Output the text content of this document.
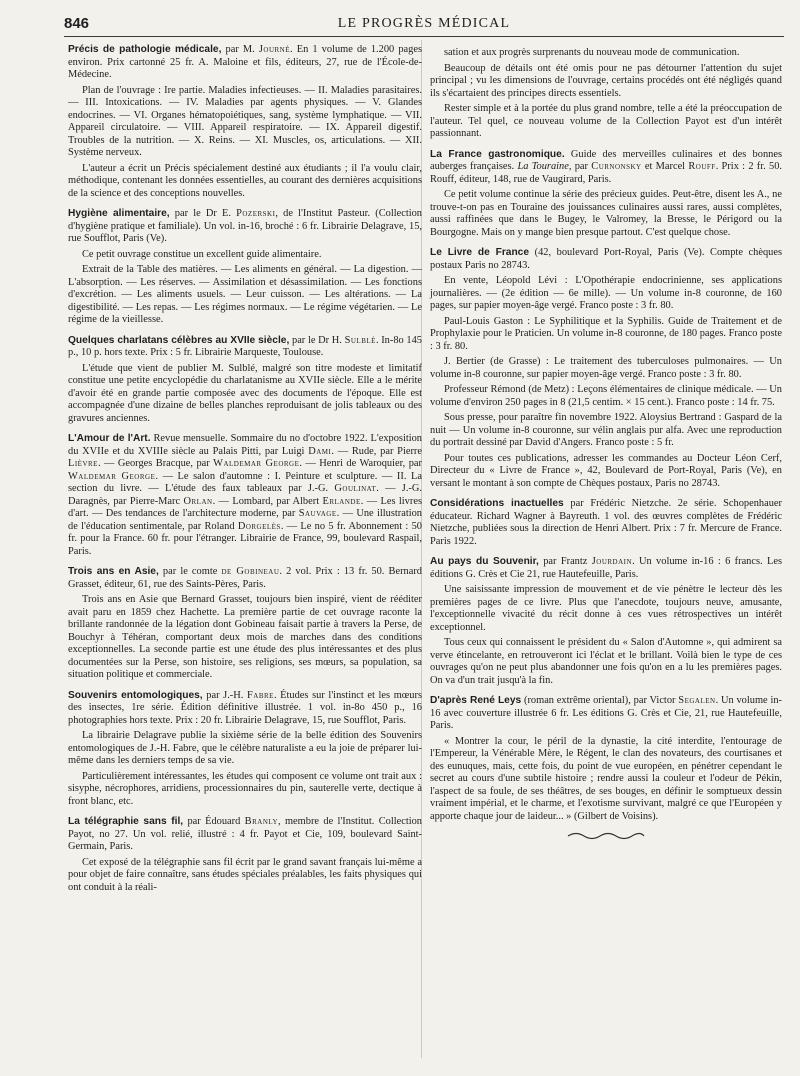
846	LE PROGRÈS MÉDICAL

Précis de pathologie médicale, par M. Journé. En 1 volume de 1.200 pages environ. Prix cartonné 25 fr. A. Maloine et fils, éditeurs, 27, rue de l'École-de-Médecine.

Plan de l'ouvrage : Ire partie. Maladies infectieuses. — II. Maladies parasitaires. — III. Intoxications. — IV. Maladies par agents physiques. — V. Glandes endocrines. — VI. Organes hématopoiétiques, sang, système lymphatique. — VII. Appareil circulatoire. — VIII. Appareil respiratoire. — IX. Appareil digestif. Troubles de la nutrition. — X. Reins. — XI. Muscles, os, articulations. — XII. Système nerveux.

L'auteur a écrit un Précis spécialement destiné aux étudiants ; il l'a voulu clair, méthodique, contenant les données essentielles, au courant des dernières acquisitions de la science et des conceptions nouvelles.

Hygiène alimentaire, par le Dr E. Pozerski, de l'Institut Pasteur. (Collection d'hygiène pratique et familiale). Un vol. in-16, broché : 6 fr. Librairie Delagrave, 15, rue Soufflot, Paris (Ve).

Ce petit ouvrage constitue un excellent guide alimentaire.

Extrait de la Table des matières. — Les aliments en général. — La digestion. — L'absorption. — Les réserves. — Assimilation et désassimilation. — Les fonctions d'excrétion. — Les aliments usuels. — Leur cuisson. — Les altérations. — La digestibilité. — Les repas. — Les régimes normaux. — Le régime végétarien. — Le régime de la vieillesse.

Quelques charlatans célèbres au XVIIe siècle, par le Dr H. Sulblé. In-8o 145 p., 10 p. hors texte. Prix : 5 fr. Librairie Marqueste, Toulouse.

L'étude que vient de publier M. Sulblé, malgré son titre modeste et limitatif constitue une petite encyclopédie du charlatanisme au XVIIe siècle. Elle a le mérite d'avoir été en grande partie composée avec des documents de l'époque. Elle est accompagnée d'une dizaine de belles planches reproduisant de jolis tableaux ou des gravures anciennes.

L'Amour de l'Art. Revue mensuelle. Sommaire du no d'octobre 1922. L'exposition du XVIIe et du XVIIIe siècle au Palais Pitti, par Luigi Dami. — Rude, par Pierre Lièvre. — Georges Bracque, par Waldemar George. — Henri de Waroquier, par Waldemar George. — Le salon d'automne : I. Peinture et sculpture. — II. La section du livre. — L'étude des faux tableaux par J.-G. Goulinat. — J.-G. Daragnès, par Pierre-Marc Orlan. — Lombard, par Albert Erlande. — Les livres d'art. — Des tendances de l'architecture moderne, par Sauvage. — Une illustration de l'éducation sentimentale, par Roland Dorgelès. — Le no 5 fr. Abonnement : 50 fr. pour la France. 60 fr. pour l'étranger. Librairie de France, 99, boulevard Raspail, Paris.

Trois ans en Asie, par le comte de Gobineau. 2 vol. Prix : 13 fr. 50. Bernard Grasset, éditeur, 61, rue des Saints-Pères, Paris.

Trois ans en Asie que Bernard Grasset, toujours bien inspiré, vient de rééditer avait paru en 1859 chez Hachette. La première partie de cet ouvrage raconte la brillante randonnée de la légation dont Gobineau faisait partie à travers la Perse, de Bouchyr à Téhéran, comportant deux mois de marches dans des conditions exceptionnelles. La seconde partie est une étude des plus intéressantes et des plus documentées sur la Perse, son histoire, ses religions, ses mœurs, sa population, sa situation politique et commerciale.

Souvenirs entomologiques, par J.-H. Fabre. Études sur l'instinct et les mœurs des insectes, 1re série. Édition définitive illustrée. 1 vol. in-8o 450 p., 16 photographies hors texte. Prix : 20 fr. Librairie Delagrave, 15, rue Soufflot, Paris.

La librairie Delagrave publie la sixième série de la belle édition des Souvenirs entomologiques de J.-H. Fabre, que le célèbre naturaliste a eu la joie de préparer lui-même dans les derniers temps de sa vie.

Particulièrement intéressantes, les études qui composent ce volume ont trait aux : sisyphe, nécrophores, arridiens, processionnaires du pin, sauterelle verte, dectique à front blanc, etc.

La télégraphie sans fil, par Édouard Branly, membre de l'Institut. Collection Payot, no 27. Un vol. relié, illustré : 4 fr. Payot et Cie, 109, boulevard Saint-Germain, Paris.

Cet exposé de la télégraphie sans fil écrit par le grand savant français lui-même a pour objet de faire connaître, sans études spéciales préalables, les faits physiques qui ont conduit à la réali-

sation et aux progrès surprenants du nouveau mode de communication.

Beaucoup de détails ont été omis pour ne pas détourner l'attention du sujet principal ; vu les dimensions de l'ouvrage, certains procédés ont été négligés quand ils s'écartaient des principes directs essentiels.

Rester simple et à la portée du plus grand nombre, telle a été la préoccupation de l'auteur. Tel quel, ce nouveau volume de la Collection Payot est d'un intérêt passionnant.

La France gastronomique. Guide des merveilles culinaires et des bonnes auberges françaises. La Touraine, par Curnonsky et Marcel Rouff. Prix : 2 fr. 50. Rouff, éditeur, 148, rue de Vaugirard, Paris.

Ce petit volume continue la série des précieux guides. Peut-être, disent les A., ne trouve-t-on pas en Touraine des jouissances culinaires aussi rares, aussi complètes, aussi raffinées que dans le Bugey, le Valromey, la Bresse, le Périgord ou la Bourgogne. Mais on y mange bien presque partout. C'est quelque chose.

Le Livre de France (42, boulevard Port-Royal, Paris (Ve). Compte chèques postaux Paris no 28743.

En vente, Léopold Lévi : L'Opothérapie endocrinienne, ses applications journalières. — (2e édition — 6e mille). — Un volume in-8 couronne, de 160 pages, sur papier moyen-âge vergé. Franco poste : 3 fr. 80.

Paul-Louis Gaston : Le Syphilitique et la Syphilis. Guide de Traitement et de Prophylaxie pour le Praticien. Un volume in-8 couronne, de 180 pages. Franco poste : 3 fr. 80.

J. Bertier (de Grasse) : Le traitement des tuberculoses pulmonaires. — Un volume in-8 couronne, sur papier moyen-âge vergé. Franco poste : 3 fr. 80.

Professeur Rémond (de Metz) : Leçons élémentaires de clinique médicale. — Un volume d'environ 250 pages in 8 (21,5 centim. × 15 cent.). Franco poste : 14 fr. 75.

Sous presse, pour paraître fin novembre 1922. Aloysius Bertrand : Gaspard de la nuit — Un volume in-8 couronne, sur vélin anglais pur alfa. Avec une reproduction du portrait dessiné par David d'Angers. Franco poste : 5 fr.

Pour toutes ces publications, adresser les commandes au Docteur Léon Cerf, Directeur du « Livre de France », 42, Boulevard de Port-Royal, Paris (Ve), en versant le montant à son compte de Chèques postaux, Paris no 28743.

Considérations inactuelles par Frédéric Nietzche. 2e série. Schopenhauer éducateur. Richard Wagner à Bayreuth. 1 vol. des œuvres complètes de Frédéric Nietzche, publiées sous la direction de Henri Albert. Prix : 7 fr. Mercure de France. Paris 1922.

Au pays du Souvenir, par Frantz Jourdain. Un volume in-16 : 6 francs. Les éditions G. Crès et Cie 21, rue Hautefeuille, Paris.

Une saisissante impression de mouvement et de vie pénètre le lecteur dès les premières pages de ce livre. Plus que l'anecdote, toujours neuve, amusante, l'exceptionnelle vivacité du récit donne à ces vues rétrospectives un intérêt exceptionnel.

Tous ceux qui connaissent le président du « Salon d'Automne », qui admirent sa verve étincelante, en retrouveront ici l'éclat et le brillant. Voilà bien le type de ces ouvrages qu'on ne peut plus abandonner une fois qu'on en a lu les premières pages. On va d'un trait jusqu'à la fin.

D'après René Leys (roman extrême oriental), par Victor Segalen. Un volume in-16 avec couverture illustrée 6 fr. Les éditions G. Crès et Cie, 21, rue Hautefeuille, Paris.

« Montrer la cour, le péril de la dynastie, la cité interdite, l'entourage de l'Empereur, la Vénérable Mère, le Régent, le clan des novateurs, des courtisanes et des eunuques, mais, cette fois, du point de vue européen, en pénétrer cependant le secret au cours d'une subtile histoire ; rendre aussi la couleur et l'odeur de Pékin, l'aspect de sa foule, de ses théâtres, de ses bouges, en définir le somptueux dessin vraiment impérial, et le charme, et l'exotisme survivant, malgré ce que l'Européen y apporte chaque jour de laideur... » (Gilbert de Voisins).
